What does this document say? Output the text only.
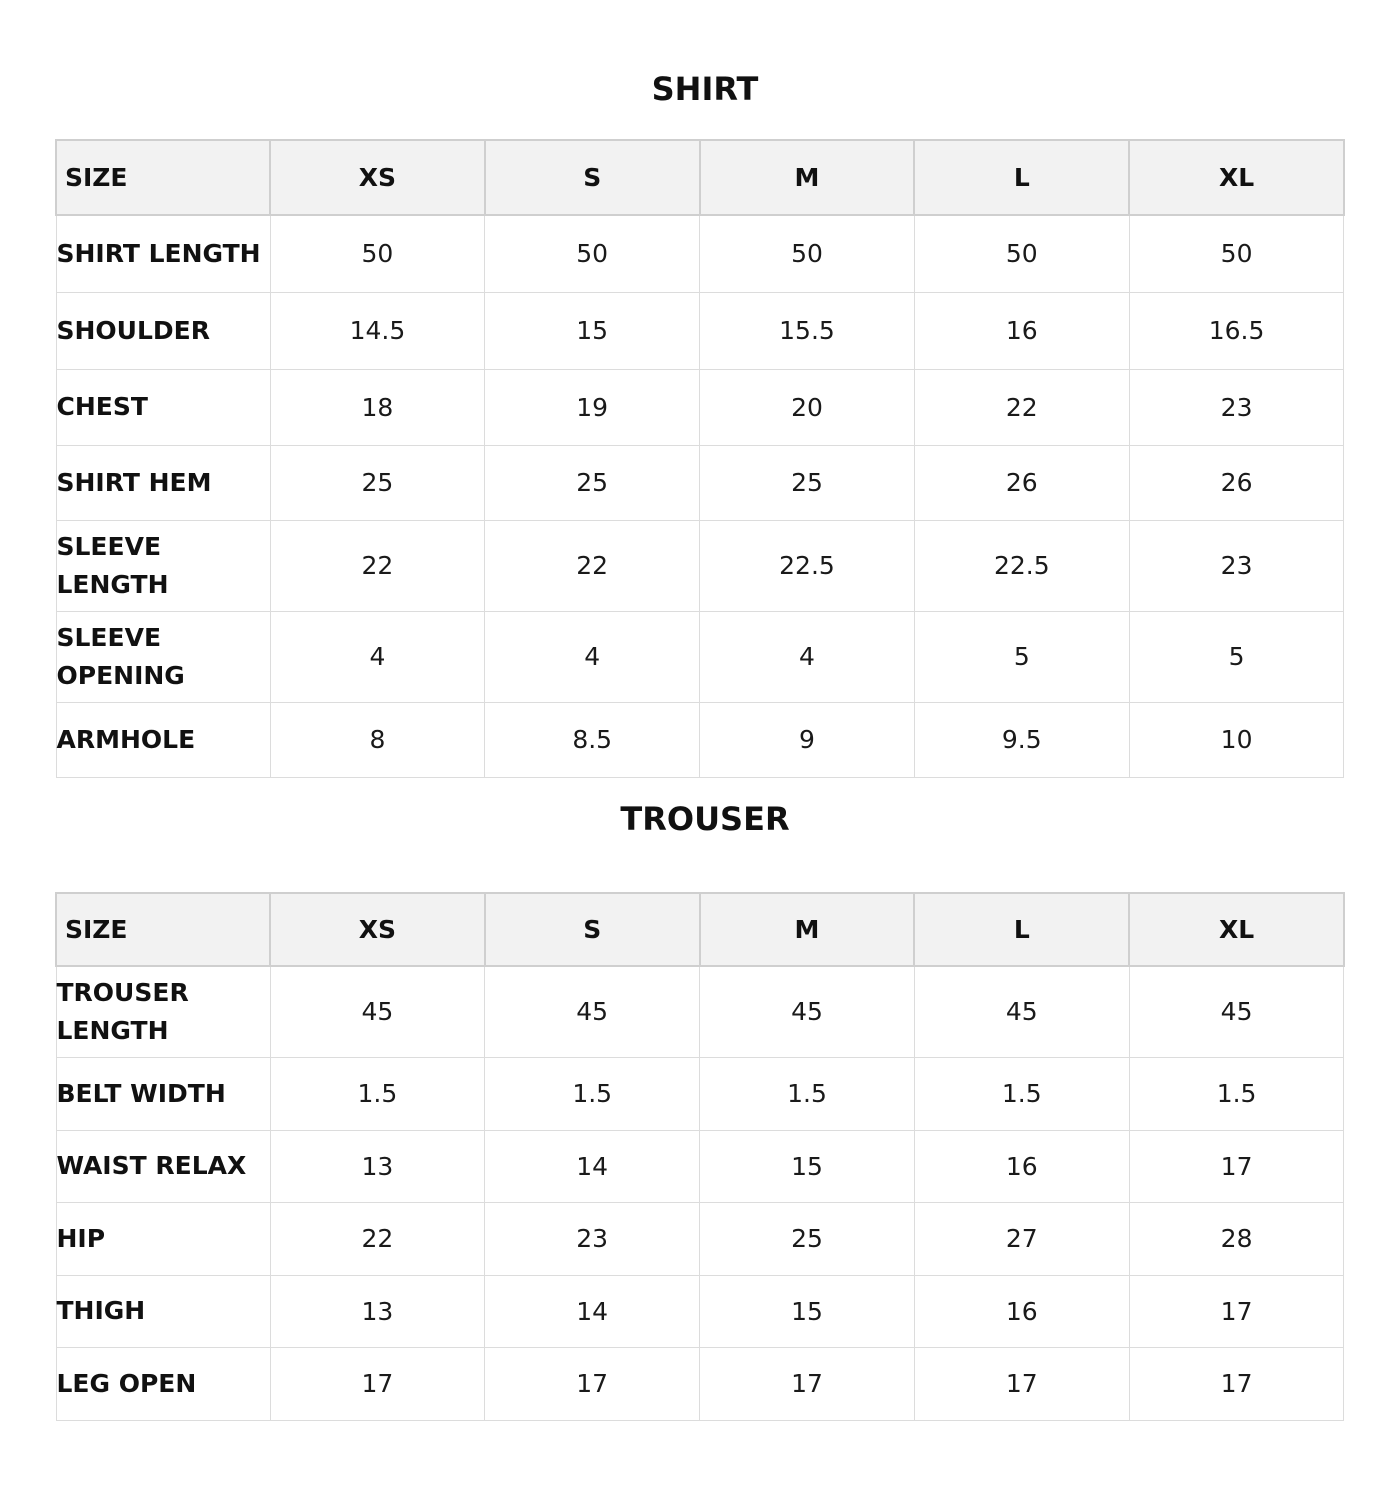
SHIRT
SIZE	XS	S	M	L	XL
SHIRT LENGTH	50	50	50	50	50
SHOULDER	14.5	15	15.5	16	16.5
CHEST	18	19	20	22	23
SHIRT HEM	25	25	25	26	26
SLEEVE LENGTH	22	22	22.5	22.5	23
SLEEVE OPENING	4	4	4	5	5
ARMHOLE	8	8.5	9	9.5	10
TROUSER
SIZE	XS	S	M	L	XL
TROUSER LENGTH	45	45	45	45	45
BELT WIDTH	1.5	1.5	1.5	1.5	1.5
WAIST RELAX	13	14	15	16	17
HIP	22	23	25	27	28
THIGH	13	14	15	16	17
LEG OPEN	17	17	17	17	17
